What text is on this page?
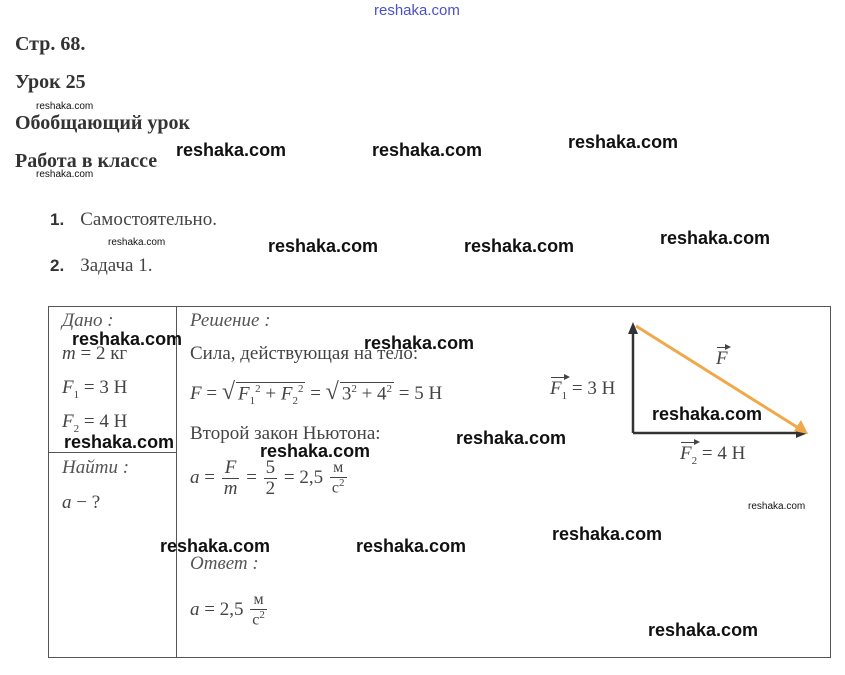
reshaka.com
Стр. 68.
Урок 25
Обобщающий урок
Работа в классе
1. Самостоятельно.
2. Задача 1.
Дано :
m = 2 кг
$F_1 = 3$ Н
$F_2 = 4$ Н
Найти :
a − ?
Решение :
Сила, действующая на тело:
F = √ $F_1^2 + F_2^2$ = √ $3^2 + 4^2 = 5$ Н
Второй закон Ньютона:
$a = \frac{F}{m} = \frac{5}{2} = 2,5 \frac{м}{с^2}$
Ответ :
$a = 2,5 \frac{м}{с^2}$
F
$F_1 = 3$ Н
$F_2 = 4$ Н
reshaka.com	reshaka.com	reshaka.com
reshaka.com	reshaka.com	reshaka.com
reshaka.com	reshaka.com
reshaka.com
reshaka.com	reshaka.com
reshaka.com
reshaka.com	reshaka.com
reshaka.com
reshaka.com
reshaka.com
reshaka.com
reshaka.com
reshaka.com
